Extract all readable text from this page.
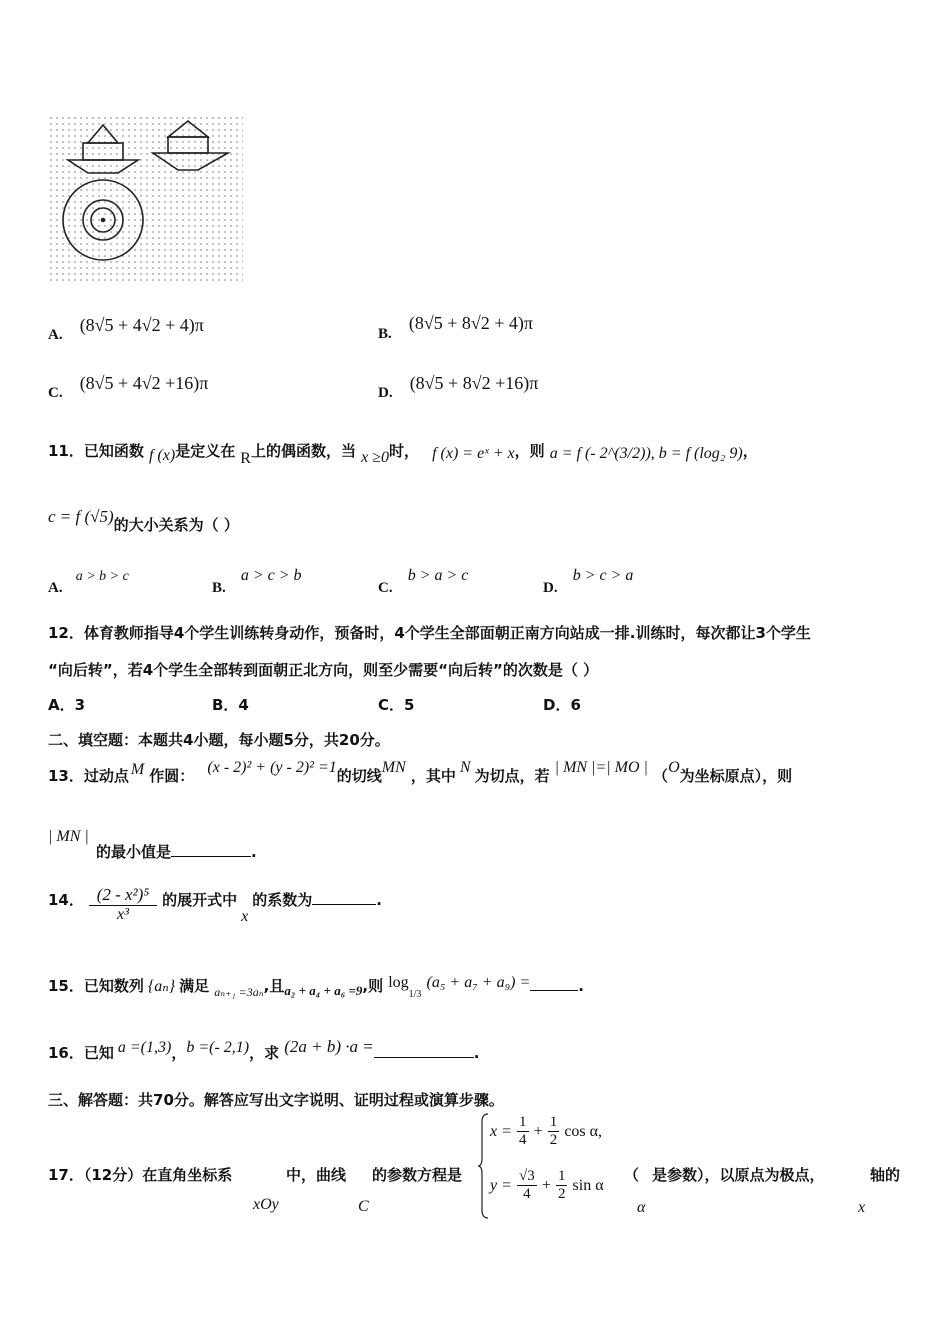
A. (8√5 + 4√2 + 4)π	B. (8√5 + 8√2 + 4)π
C. (8√5 + 4√2 +16)π	D. (8√5 + 8√2 +16)π
11．已知函数 f (x)是定义在 R上的偶函数，当 x ≥0时， f (x) = eˣ + x，则 a = f (- 2^(3/2)), b = f (log₂ 9)，
c = f (√5)的大小关系为（ ）
A. a > b > c
B. a > c > b
C. b > a > c
D. b > c > a
12．体育教师指导4个学生训练转身动作，预备时，4个学生全部面朝正南方向站成一排.训练时，每次都让3个学生
“向后转”，若4个学生全部转到面朝正北方向，则至少需要“向后转”的次数是（ ）
A．3	B．4	C．5	D．6
二、填空题：本题共4小题，每小题5分，共20分。
13．过动点 M 作圆： (x - 2)² + (y - 2)² =1的切线MN ，其中 N 为切点，若 | MN |=| MO | （O为坐标原点），则
| MN |
的最小值是	.
14． $\frac{\text{(2 - x²)⁵}}{\text{x³}}$ 的展开式中x的系数为	.
15．已知数列 {aₙ} 满足 $_{a_{n+1} =3a_n}$,且$_{a_2 + a_4 + a_6 =9}$,则 $\log_{1/3} (a_5 + a_7 + a_9)$ =	.
16．已知 a =(1,3)，b =(- 2,1)，求 (2a + b) ·a =	.
三、解答题：共70分。解答应写出文字说明、证明过程或演算步骤。
17．（12分）在直角坐标系	中，曲线 的参数方程是
xOy	C
$x = \frac{1}{4} + \frac{1}{2}$ cos α,
$y = \frac{√3}{4} + \frac{1}{2}$ sin α
（ 是参数），以原点为极点，	轴的
α	x
